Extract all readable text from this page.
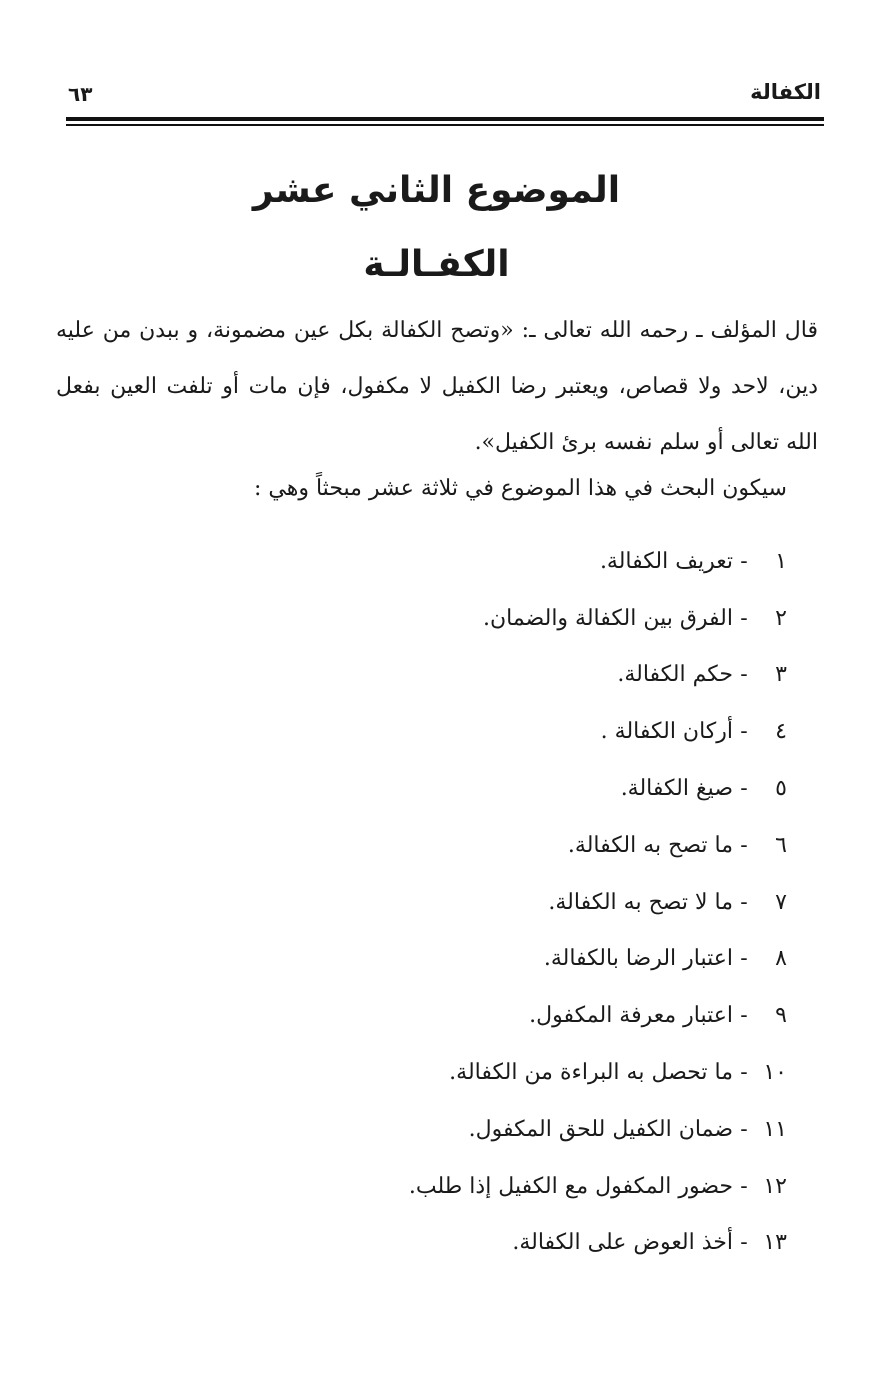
الكفالة
٦٣
الموضوع الثاني عشر
الكفـالـة
قال المؤلف ـ رحمه الله تعالى ـ: «وتصح الكفالة بكل عين مضمونة، و ببدن من عليه دين، لاحد ولا قصاص، ويعتبر رضا الكفيل لا مكفول، فإن مات أو تلفت العين بفعل الله تعالى أو سلم نفسه برئ الكفيل».
سيكون البحث في هذا الموضوع في ثلاثة عشر مبحثاً وهي :
١
-
تعريف الكفالة.
٢
-
الفرق بين الكفالة والضمان.
٣
-
حكم الكفالة.
٤
-
أركان الكفالة .
٥
-
صيغ الكفالة.
٦
-
ما تصح به الكفالة.
٧
-
ما لا تصح به الكفالة.
٨
-
اعتبار الرضا بالكفالة.
٩
-
اعتبار معرفة المكفول.
١٠
-
ما تحصل به البراءة من الكفالة.
١١
-
ضمان الكفيل للحق المكفول.
١٢
-
حضور المكفول مع الكفيل إذا طلب.
١٣
-
أخذ العوض على الكفالة.
